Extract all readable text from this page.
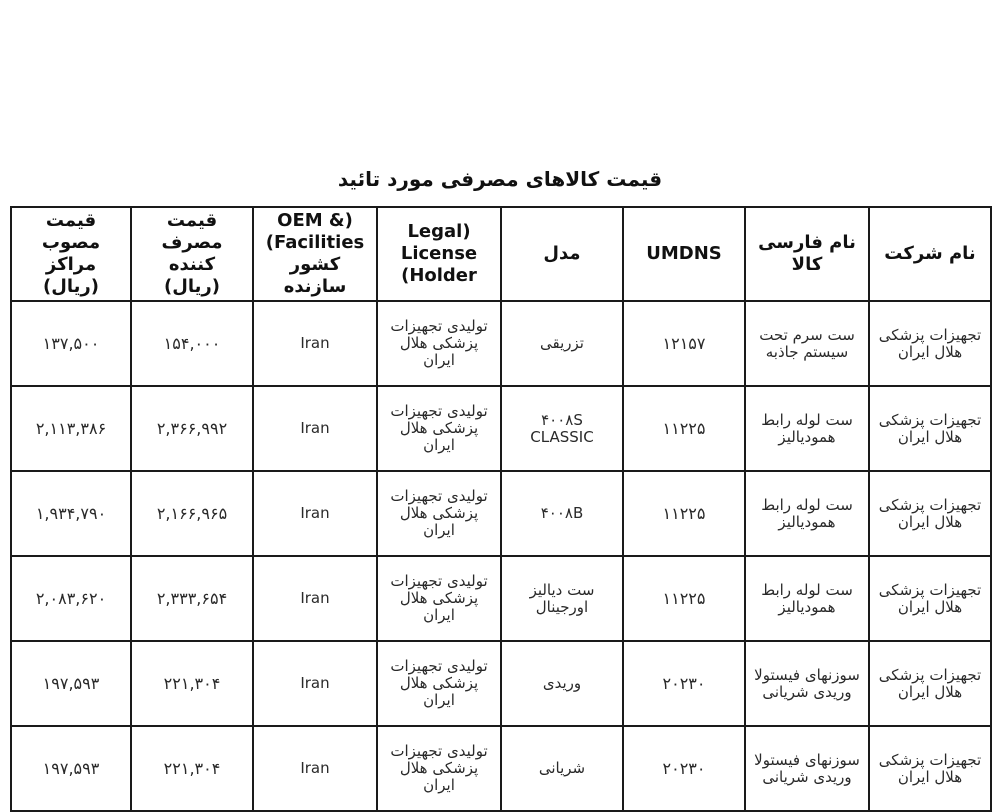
قیمت کالاهای مصرفی مورد تائید
نام شرکت	نام فارسی کالا	UMDNS	مدل	Legal) License (Holder	OEM &) (Facilities کشور سازنده	قیمت مصرف کننده (ریال)	قیمت مصوب مراکز (ریال)
تجهیزات پزشکی هلال ایران	ست سرم تحت سیستم جاذبه	۱۲۱۵۷	تزریقی	تولیدی تجهیزات پزشکی هلال ایران	Iran	۱۵۴,۰۰۰	۱۳۷,۵۰۰
تجهیزات پزشکی هلال ایران	ست لوله رابط همودیالیز	۱۱۲۲۵	۴۰۰۸S CLASSIC	تولیدی تجهیزات پزشکی هلال ایران	Iran	۲,۳۶۶,۹۹۲	۲,۱۱۳,۳۸۶
تجهیزات پزشکی هلال ایران	ست لوله رابط همودیالیز	۱۱۲۲۵	۴۰۰۸B	تولیدی تجهیزات پزشکی هلال ایران	Iran	۲,۱۶۶,۹۶۵	۱,۹۳۴,۷۹۰
تجهیزات پزشکی هلال ایران	ست لوله رابط همودیالیز	۱۱۲۲۵	ست دیالیز اورجینال	تولیدی تجهیزات پزشکی هلال ایران	Iran	۲,۳۳۳,۶۵۴	۲,۰۸۳,۶۲۰
تجهیزات پزشکی هلال ایران	سوزنهای فیستولا وریدی شریانی	۲۰۲۳۰	وریدی	تولیدی تجهیزات پزشکی هلال ایران	Iran	۲۲۱,۳۰۴	۱۹۷,۵۹۳
تجهیزات پزشکی هلال ایران	سوزنهای فیستولا وریدی شریانی	۲۰۲۳۰	شریانی	تولیدی تجهیزات پزشکی هلال ایران	Iran	۲۲۱,۳۰۴	۱۹۷,۵۹۳
